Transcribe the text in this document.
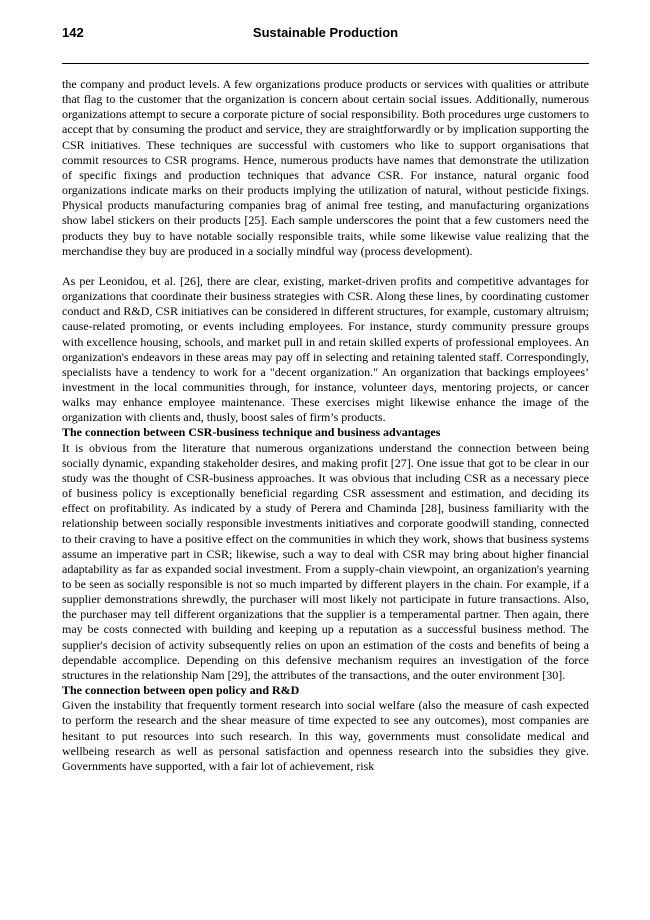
142	Sustainable Production

the company and product levels. A few organizations produce products or services with qualities or attribute that flag to the customer that the organization is concern about certain social issues. Additionally, numerous organizations attempt to secure a corporate picture of social responsibility. Both procedures urge customers to accept that by consuming the product and service, they are straightforwardly or by implication supporting the CSR initiatives. These techniques are successful with customers who like to support organisations that commit resources to CSR programs. Hence, numerous products have names that demonstrate the utilization of specific fixings and production techniques that advance CSR. For instance, natural organic food organizations indicate marks on their products implying the utilization of natural, without pesticide fixings. Physical products manufacturing companies brag of animal free testing, and manufacturing organizations show label stickers on their products [25]. Each sample underscores the point that a few customers need the products they buy to have notable socially responsible traits, while some likewise value realizing that the merchandise they buy are produced in a socially mindful way (process development).

As per Leonidou, et al. [26], there are clear, existing, market-driven profits and competitive advantages for organizations that coordinate their business strategies with CSR. Along these lines, by coordinating customer conduct and R&D, CSR initiatives can be considered in different structures, for example, customary altruism; cause-related promoting, or events including employees. For instance, sturdy community pressure groups with excellence housing, schools, and market pull in and retain skilled experts of professional employees. An organization's endeavors in these areas may pay off in selecting and retaining talented staff. Correspondingly, specialists have a tendency to work for a "decent organization." An organization that backings employees’ investment in the local communities through, for instance, volunteer days, mentoring projects, or cancer walks may enhance employee maintenance. These exercises might likewise enhance the image of the organization with clients and, thusly, boost sales of firm’s products.

The connection between CSR-business technique and business advantages

It is obvious from the literature that numerous organizations understand the connection between being socially dynamic, expanding stakeholder desires, and making profit [27]. One issue that got to be clear in our study was the thought of CSR-business approaches. It was obvious that including CSR as a necessary piece of business policy is exceptionally beneficial regarding CSR assessment and estimation, and deciding its effect on profitability. As indicated by a study of Perera and Chaminda [28], business familiarity with the relationship between socially responsible investments initiatives and corporate goodwill standing, connected to their craving to have a positive effect on the communities in which they work, shows that business systems assume an imperative part in CSR; likewise, such a way to deal with CSR may bring about higher financial adaptability as far as expanded social investment. From a supply-chain viewpoint, an organization's yearning to be seen as socially responsible is not so much imparted by different players in the chain. For example, if a supplier demonstrations shrewdly, the purchaser will most likely not participate in future transactions. Also, the purchaser may tell different organizations that the supplier is a temperamental partner. Then again, there may be costs connected with building and keeping up a reputation as a successful business method. The supplier's decision of activity subsequently relies on upon an estimation of the costs and benefits of being a dependable accomplice. Depending on this defensive mechanism requires an investigation of the force structures in the relationship Nam [29], the attributes of the transactions, and the outer environment [30].

The connection between open policy and R&D

Given the instability that frequently torment research into social welfare (also the measure of cash expected to perform the research and the shear measure of time expected to see any outcomes), most companies are hesitant to put resources into such research. In this way, governments must consolidate medical and wellbeing research as well as personal satisfaction and openness research into the subsidies they give. Governments have supported, with a fair lot of achievement, risk
